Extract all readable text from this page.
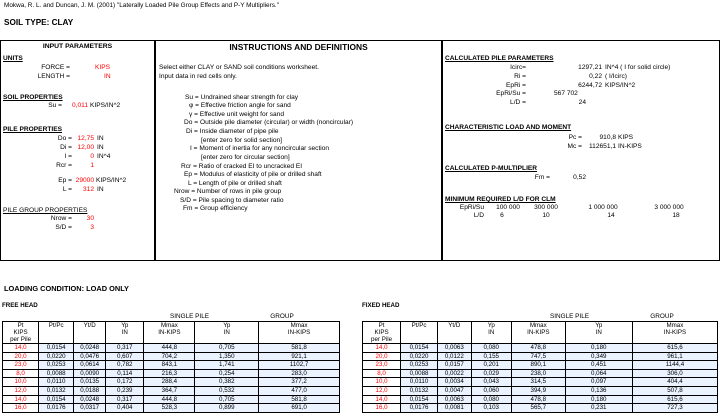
Mokwa, R. L. and Duncan, J. M. (2001) "Laterally Loaded Pile Group Effects and P-Y Multipliers."
SOIL TYPE: CLAY
INPUT PARAMETERS
UNITS
FORCE =	KIPS
LENGTH =	IN
SOIL PROPERTIES
Su =	0,011 KIPS/IN^2
PILE PROPERTIES
Do = 12,75 IN
Di = 12,00 IN
I =	0 IN^4
Rcr =	1
Ep = 29000 KIPS/IN^2
L =	312 IN
PILE GROUP PROPERTIES
Nrow =	30
S/D =	3
INSTRUCTIONS AND DEFINITIONS
Select either CLAY or SAND soil conditions worksheet.
Input data in red cells only.
Su = Undrained shear strength for clay
φ = Effective friction angle for sand
γ = Effective unit weight for sand
Do = Outside pile diameter (circular) or width (noncircular)
Di = Inside diameter of pipe pile
[enter zero for solid section]
I = Moment of inertia for any noncircular section
[enter zero for circular section]
Rcr = Ratio of cracked EI to uncracked EI
Ep = Modulus of elasticity of pile or drilled shaft
L = Length of pile or drilled shaft
Nrow = Number of rows in pile group
S/D = Pile spacing to diameter ratio
Fm = Group efficiency
CALCULATED PILE PARAMETERS
Icirc=	1297,21 IN^4 ( I for solid circle)
Ri =	0,22 ( I/Icirc)
EpRi =	6244,72 KIPS/IN^2
EpRi/Su =	567 702
L/D =	24
CHARACTERISTIC LOAD AND MOMENT
Pc =	910,8 KIPS
Mc =	112651,1 IN-KIPS
CALCULATED P-MULTIPLIER
Fm =	0,52
MINIMUM REQUIRED L/D FOR CLM
EpRi/Su	100 000	300 000	1 000 000	3 000 000
L/D	6	10	14	18
LOADING CONDITION: LOAD ONLY
FREE HEAD
SINGLE PILE	GROUP
Pt
KIPS
per Pile	Pt/Pc	Yt/D	Yp
IN	Mmax
IN-KIPS	Yp
IN	Mmax
IN-KIPS
14,0	0,0154	0,0248	0,317	444,8	0,705	581,8
20,0	0,0220	0,0476	0,607	704,2	1,350	921,1
23,0	0,0253	0,0614	0,782	843,1	1,741	1102,7
8,0	0,0088	0,0090	0,114	216,3	0,254	283,0
10,0	0,0110	0,0135	0,172	288,4	0,382	377,2
12,0	0,0132	0,0188	0,239	364,7	0,532	477,0
14,0	0,0154	0,0248	0,317	444,8	0,705	581,8
16,0	0,0176	0,0317	0,404	528,3	0,899	691,0
FIXED HEAD
SINGLE PILE	GROUP
Pt
KIPS
per Pile	Pt/Pc	Yt/D	Yp
IN	Mmax
IN-KIPS	Yp
IN	Mmax
IN-KIPS
14,0	0,0154	0,0063	0,080	478,8	0,180	615,6
20,0	0,0220	0,0122	0,155	747,5	0,349	961,1
23,0	0,0253	0,0157	0,201	890,1	0,451	1144,4
8,0	0,0088	0,0022	0,029	238,0	0,064	306,0
10,0	0,0110	0,0034	0,043	314,5	0,097	404,4
12,0	0,0132	0,0047	0,060	394,9	0,136	507,8
14,0	0,0154	0,0063	0,080	478,8	0,180	615,6
16,0	0,0176	0,0081	0,103	565,7	0,231	727,3
